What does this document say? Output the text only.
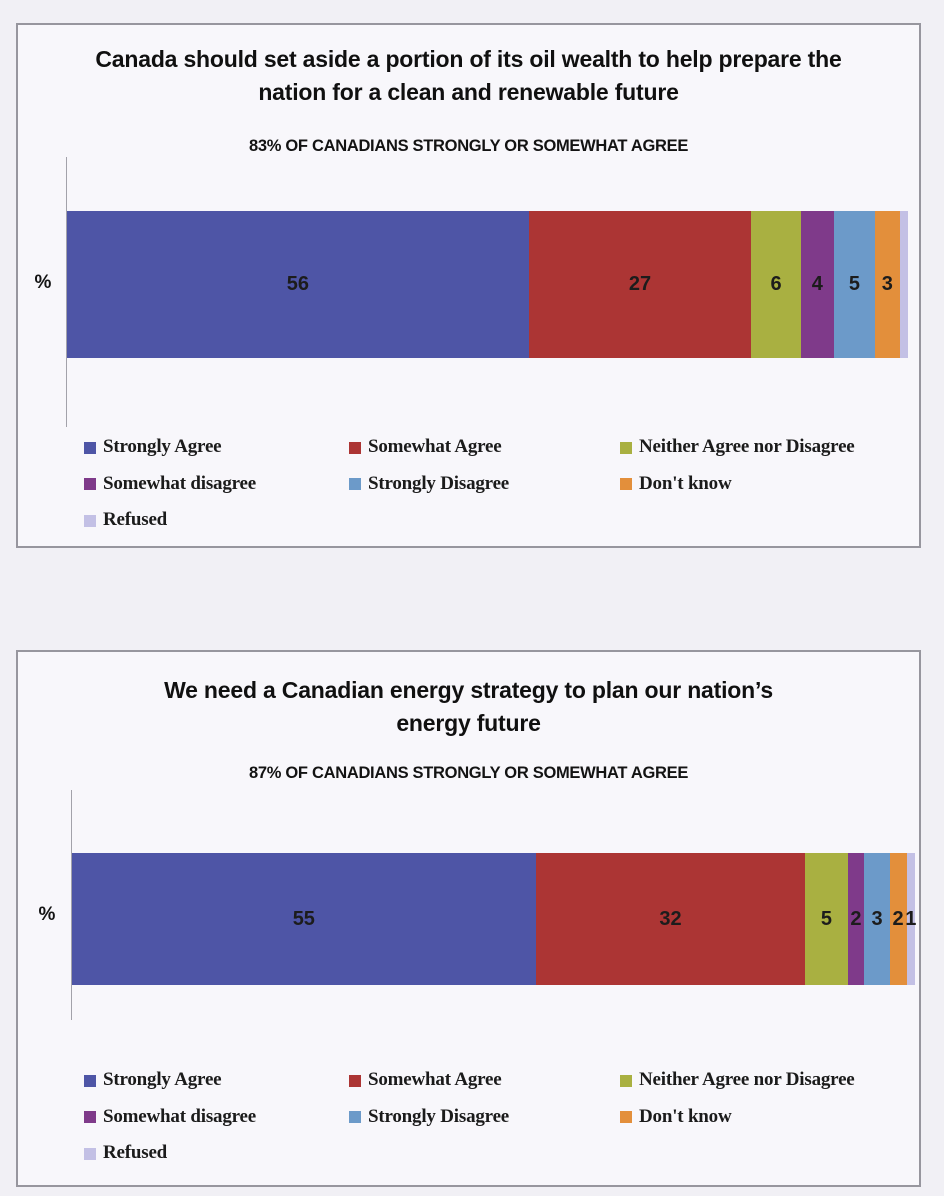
Canada should set aside a portion of its oil wealth to help prepare the nation for a clean and renewable future
83% OF CANADIANS STRONGLY OR SOMEWHAT AGREE
%	56	27	6 4 5 3
Strongly Agree	Somewhat Agree	Neither Agree nor Disagree
Somewhat disagree	Strongly Disagree	Don't know
Refused
We need a Canadian energy strategy to plan our nation’s energy future
87% OF CANADIANS STRONGLY OR SOMEWHAT AGREE
%	55	32	5 2 3 2 1
Strongly Agree	Somewhat Agree	Neither Agree nor Disagree
Somewhat disagree	Strongly Disagree	Don't know
Refused
